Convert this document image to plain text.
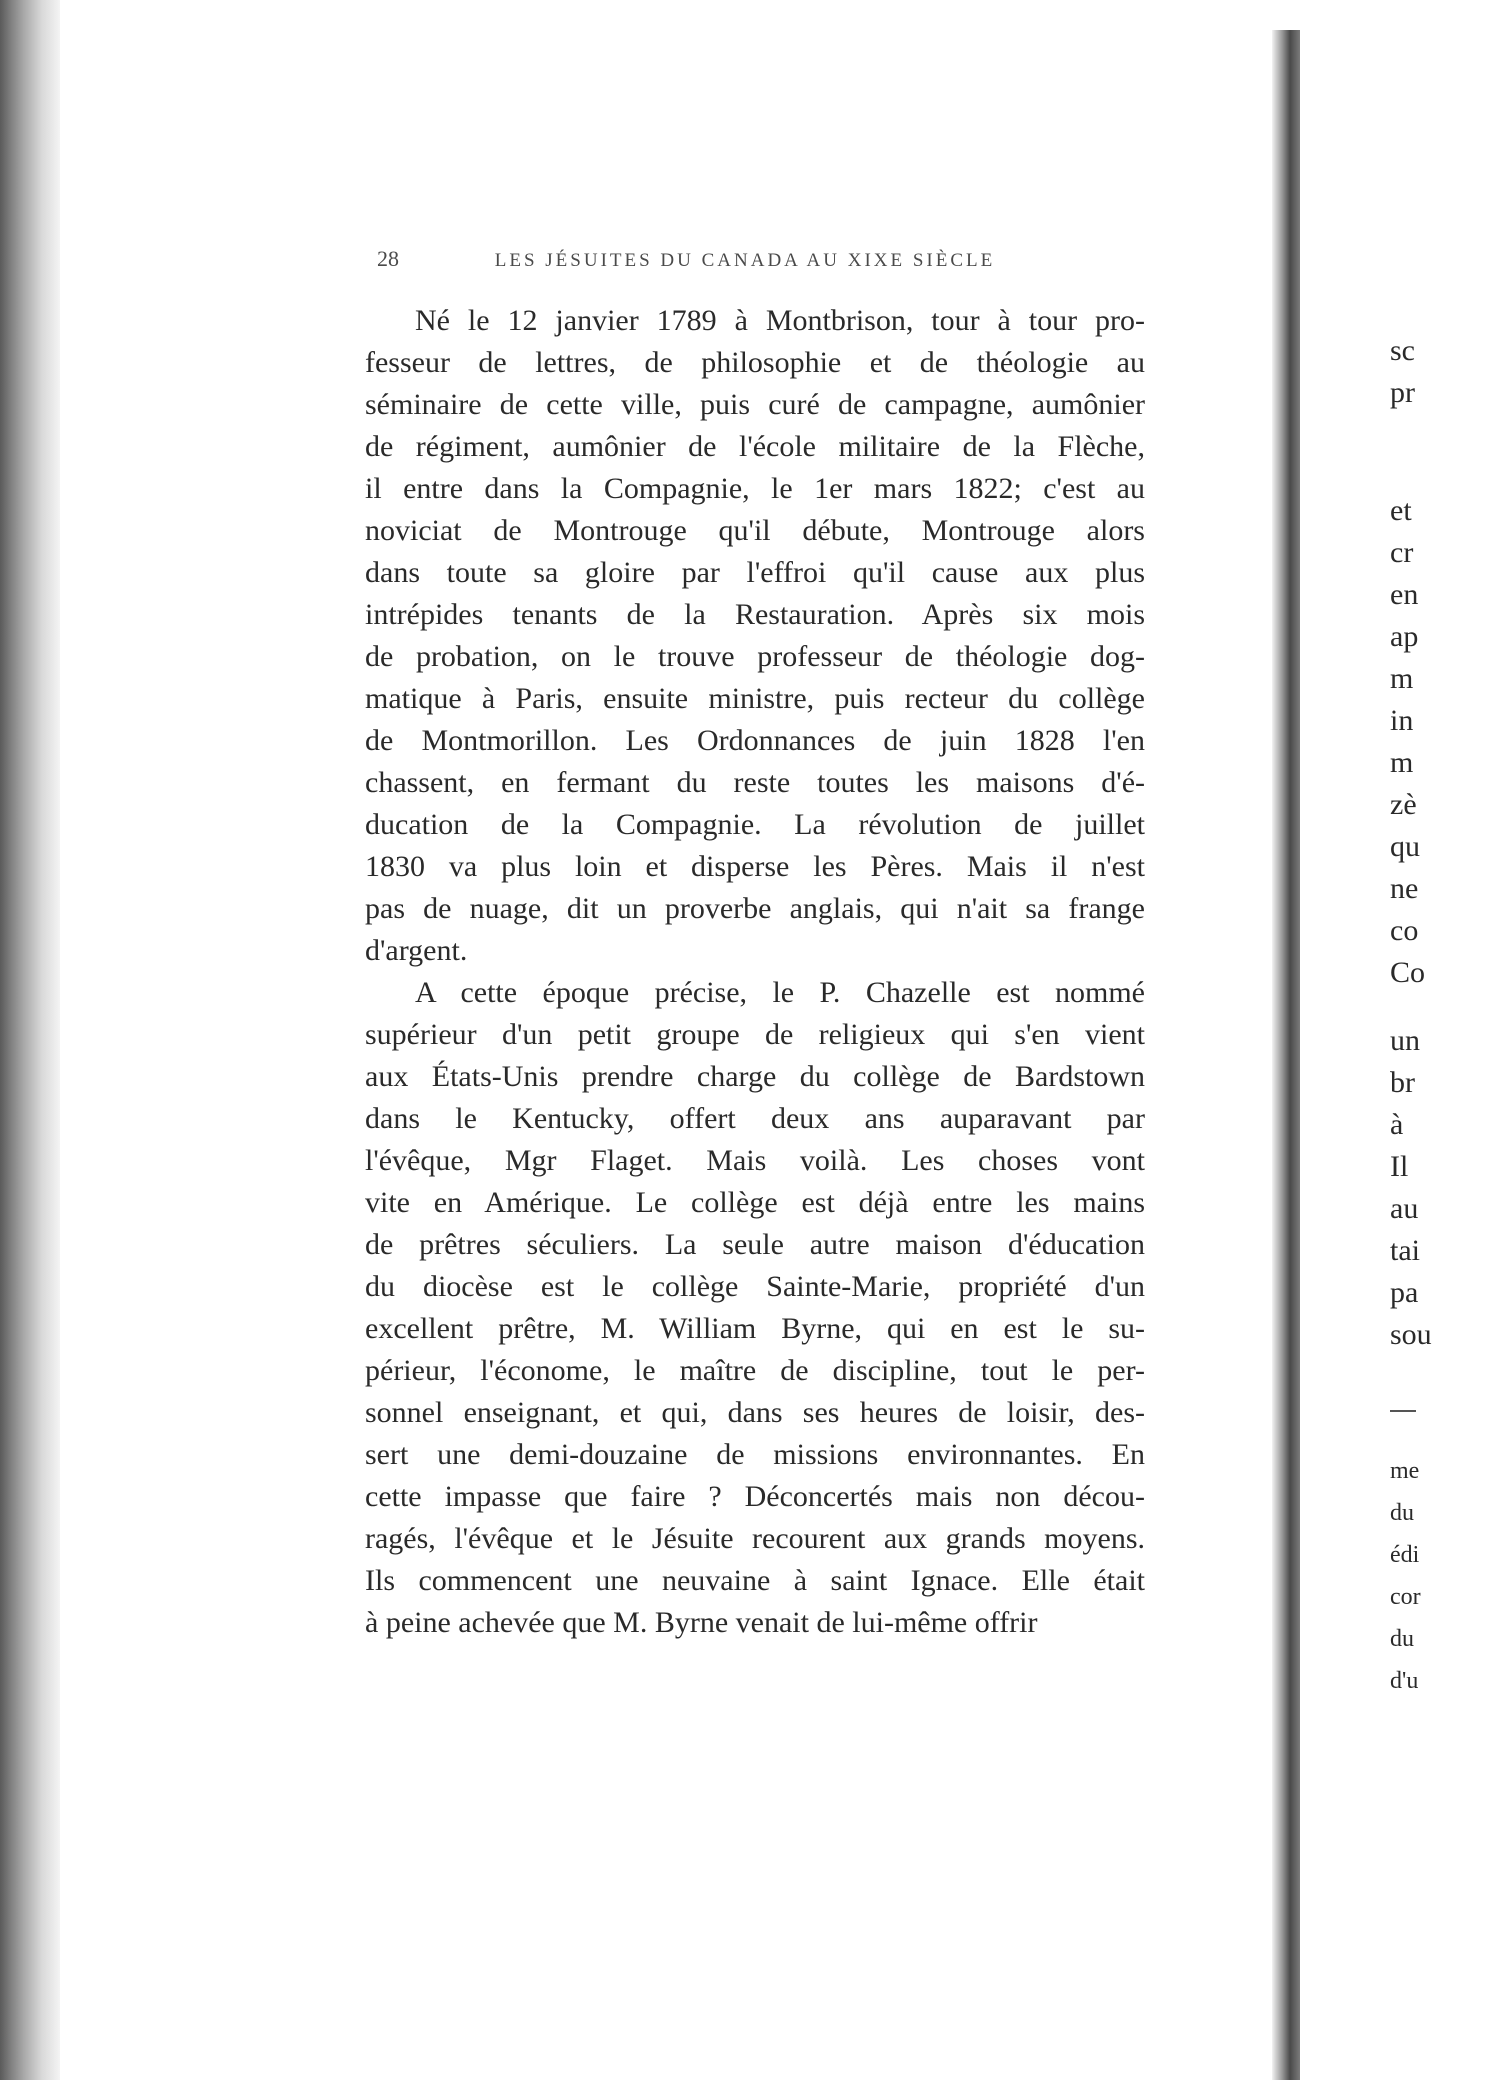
28	LES JÉSUITES DU CANADA AU XIXE SIÈCLE
Né le 12 janvier 1789 à Montbrison, tour à tour pro-
fesseur de lettres, de philosophie et de théologie au
séminaire de cette ville, puis curé de campagne, aumônier
de régiment, aumônier de l'école militaire de la Flèche,
il entre dans la Compagnie, le 1er mars 1822; c'est au
noviciat de Montrouge qu'il débute, Montrouge alors
dans toute sa gloire par l'effroi qu'il cause aux plus
intrépides tenants de la Restauration. Après six mois
de probation, on le trouve professeur de théologie dog-
matique à Paris, ensuite ministre, puis recteur du collège
de Montmorillon. Les Ordonnances de juin 1828 l'en
chassent, en fermant du reste toutes les maisons d'é-
ducation de la Compagnie. La révolution de juillet
1830 va plus loin et disperse les Pères. Mais il n'est
pas de nuage, dit un proverbe anglais, qui n'ait sa frange
d'argent.
A cette époque précise, le P. Chazelle est nommé
supérieur d'un petit groupe de religieux qui s'en vient
aux États-Unis prendre charge du collège de Bardstown
dans le Kentucky, offert deux ans auparavant par
l'évêque, Mgr Flaget. Mais voilà. Les choses vont
vite en Amérique. Le collège est déjà entre les mains
de prêtres séculiers. La seule autre maison d'éducation
du diocèse est le collège Sainte-Marie, propriété d'un
excellent prêtre, M. William Byrne, qui en est le su-
périeur, l'économe, le maître de discipline, tout le per-
sonnel enseignant, et qui, dans ses heures de loisir, des-
sert une demi-douzaine de missions environnantes. En
cette impasse que faire ? Déconcertés mais non décou-
ragés, l'évêque et le Jésuite recourent aux grands moyens.
Ils commencent une neuvaine à saint Ignace. Elle était
à peine achevée que M. Byrne venait de lui-même offrir
sc
pr
et
cr
en
ap
m
in
m
zè
qu
ne
co
Co
un
br
à
Il
au
tai
pa
sou
me
du
édi
cor
du
d'u
